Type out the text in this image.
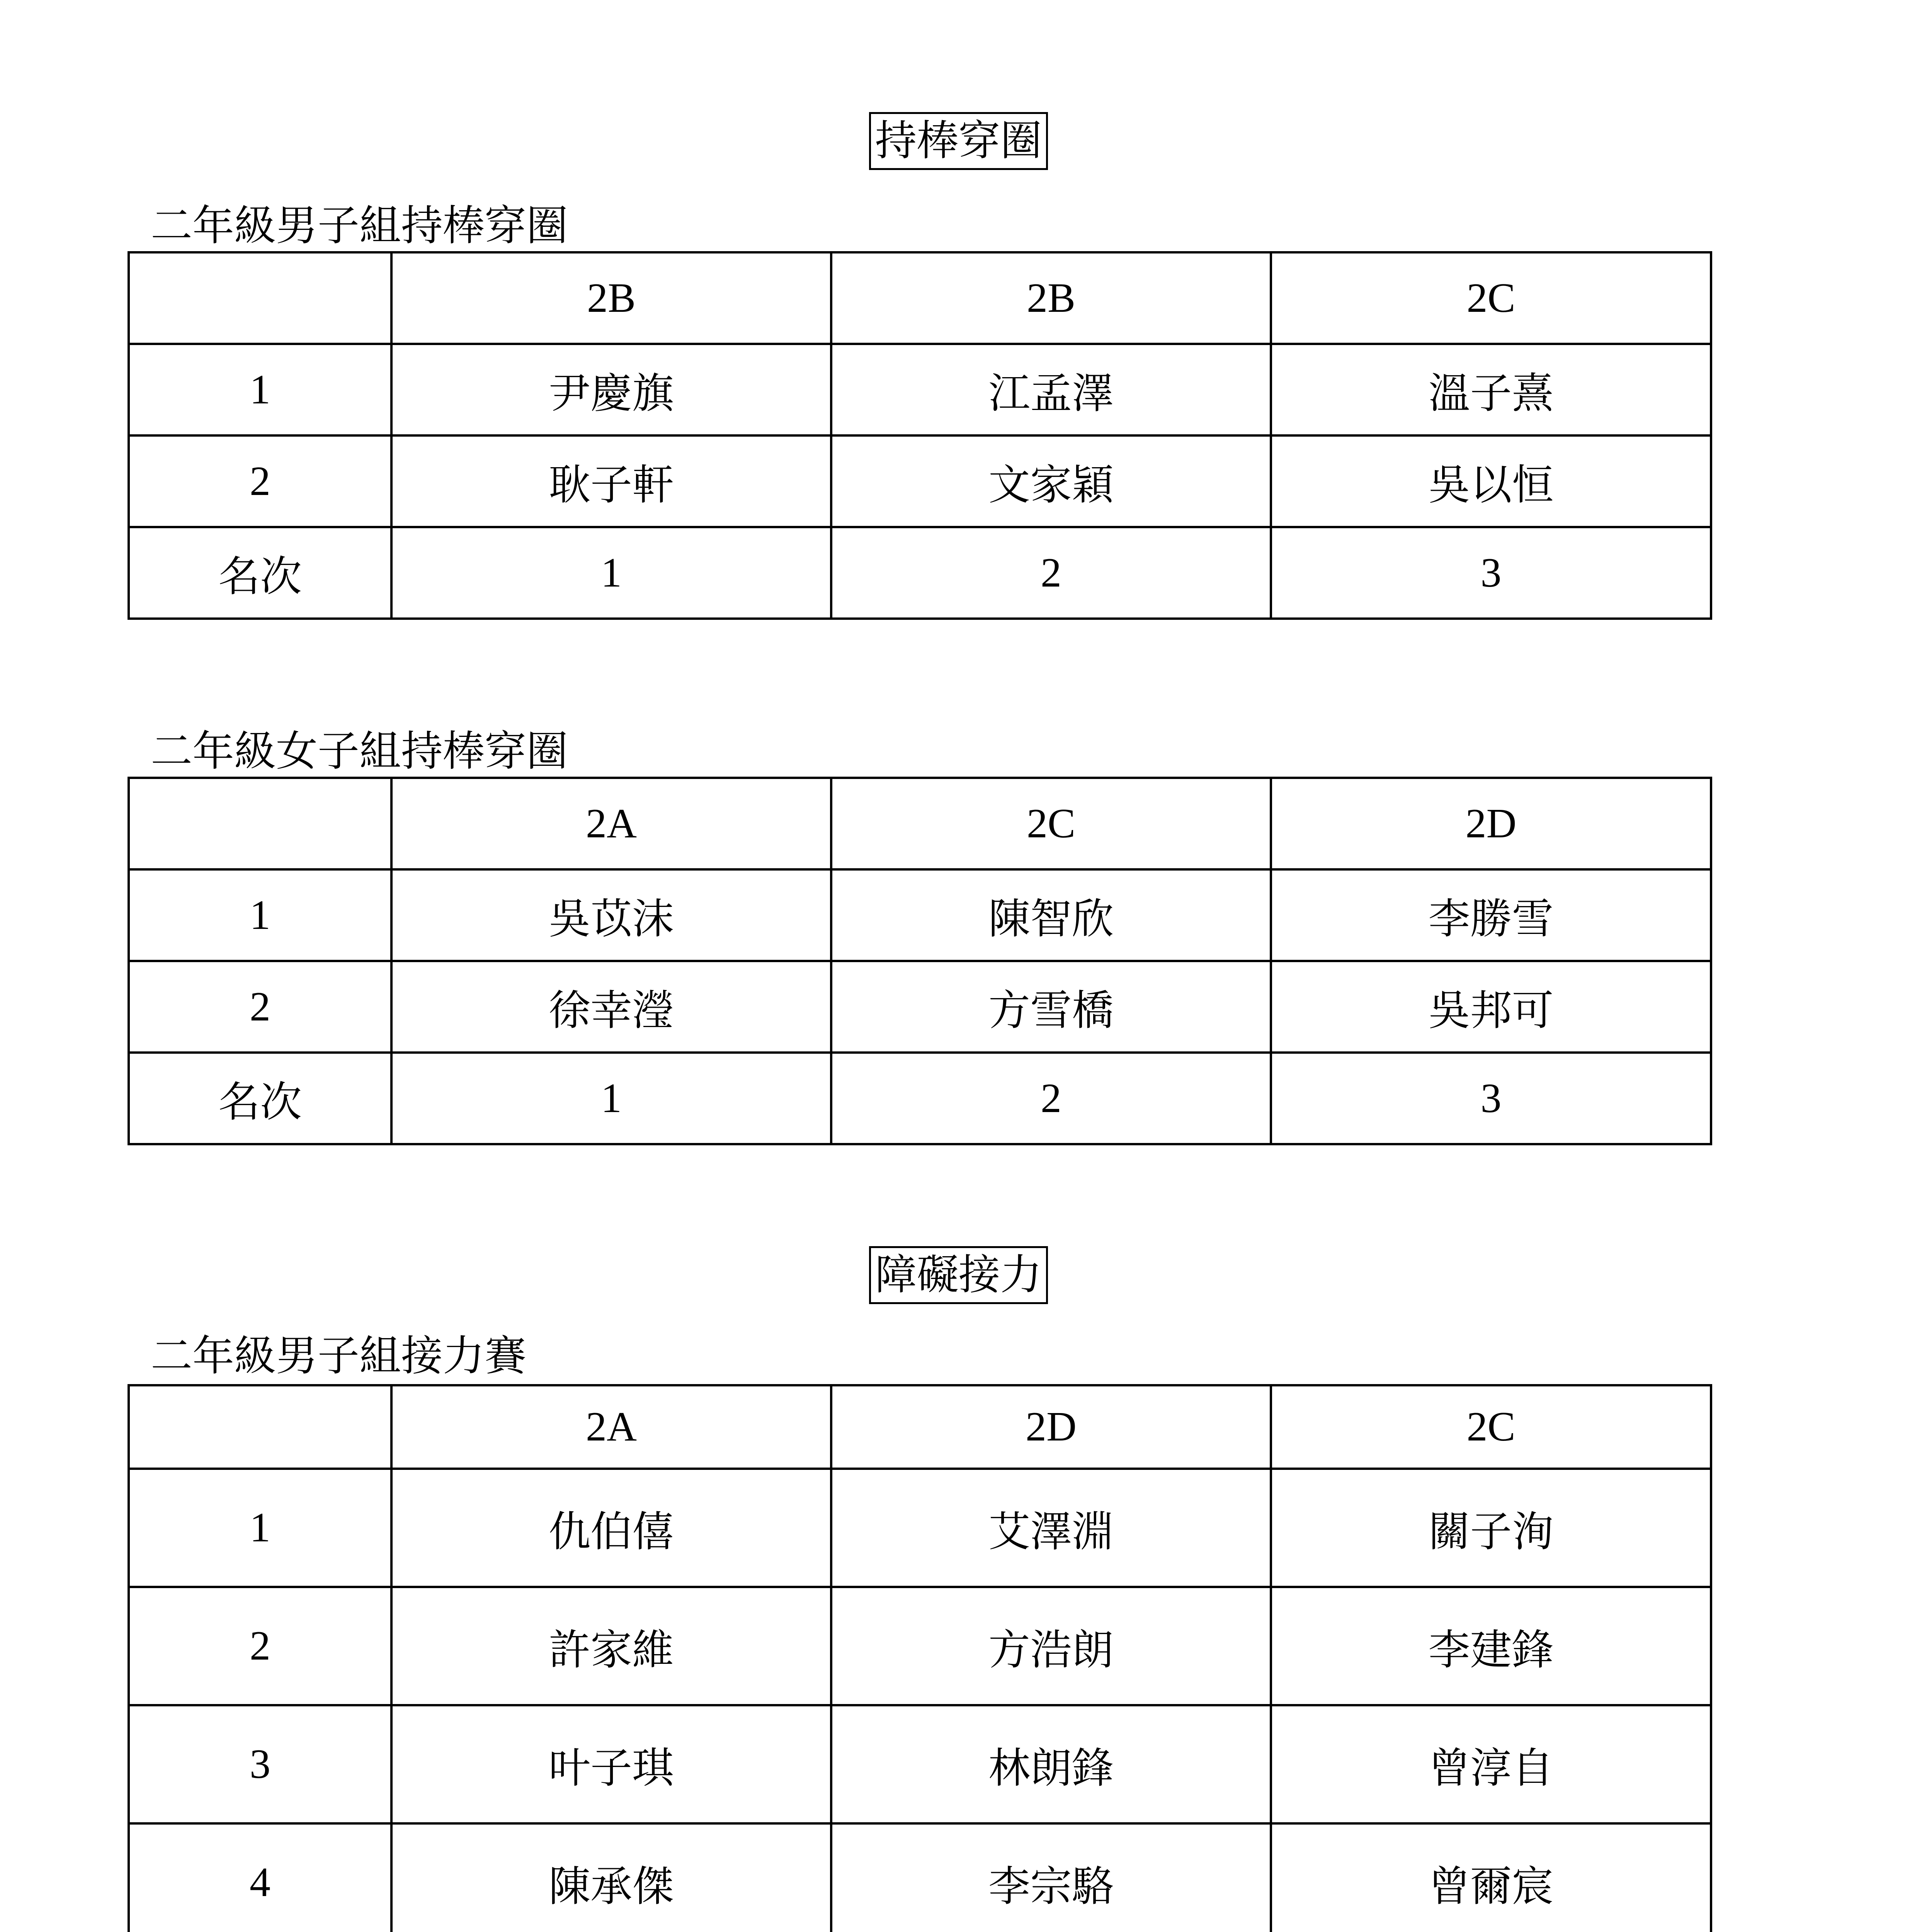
持棒穿圈
二年級男子組持棒穿圈
	2B	2B	2C
1	尹慶旗	江孟澤	溫子熹
2	耿子軒	文家穎	吳以恒
名次	1	2	3
二年級女子組持棒穿圈
	2A	2C	2D
1	吳苡沫	陳智欣	李勝雪
2	徐幸瀅	方雪橋	吳邦可
名次	1	2	3
障礙接力
二年級男子組接力賽
	2A	2D	2C
1	仇伯僖	艾澤淵	關子洵
2	許家維	方浩朗	李建鋒
3	叶子琪	林朗鋒	曾淳自
4	陳承傑	李宗駱	曾爾宸
